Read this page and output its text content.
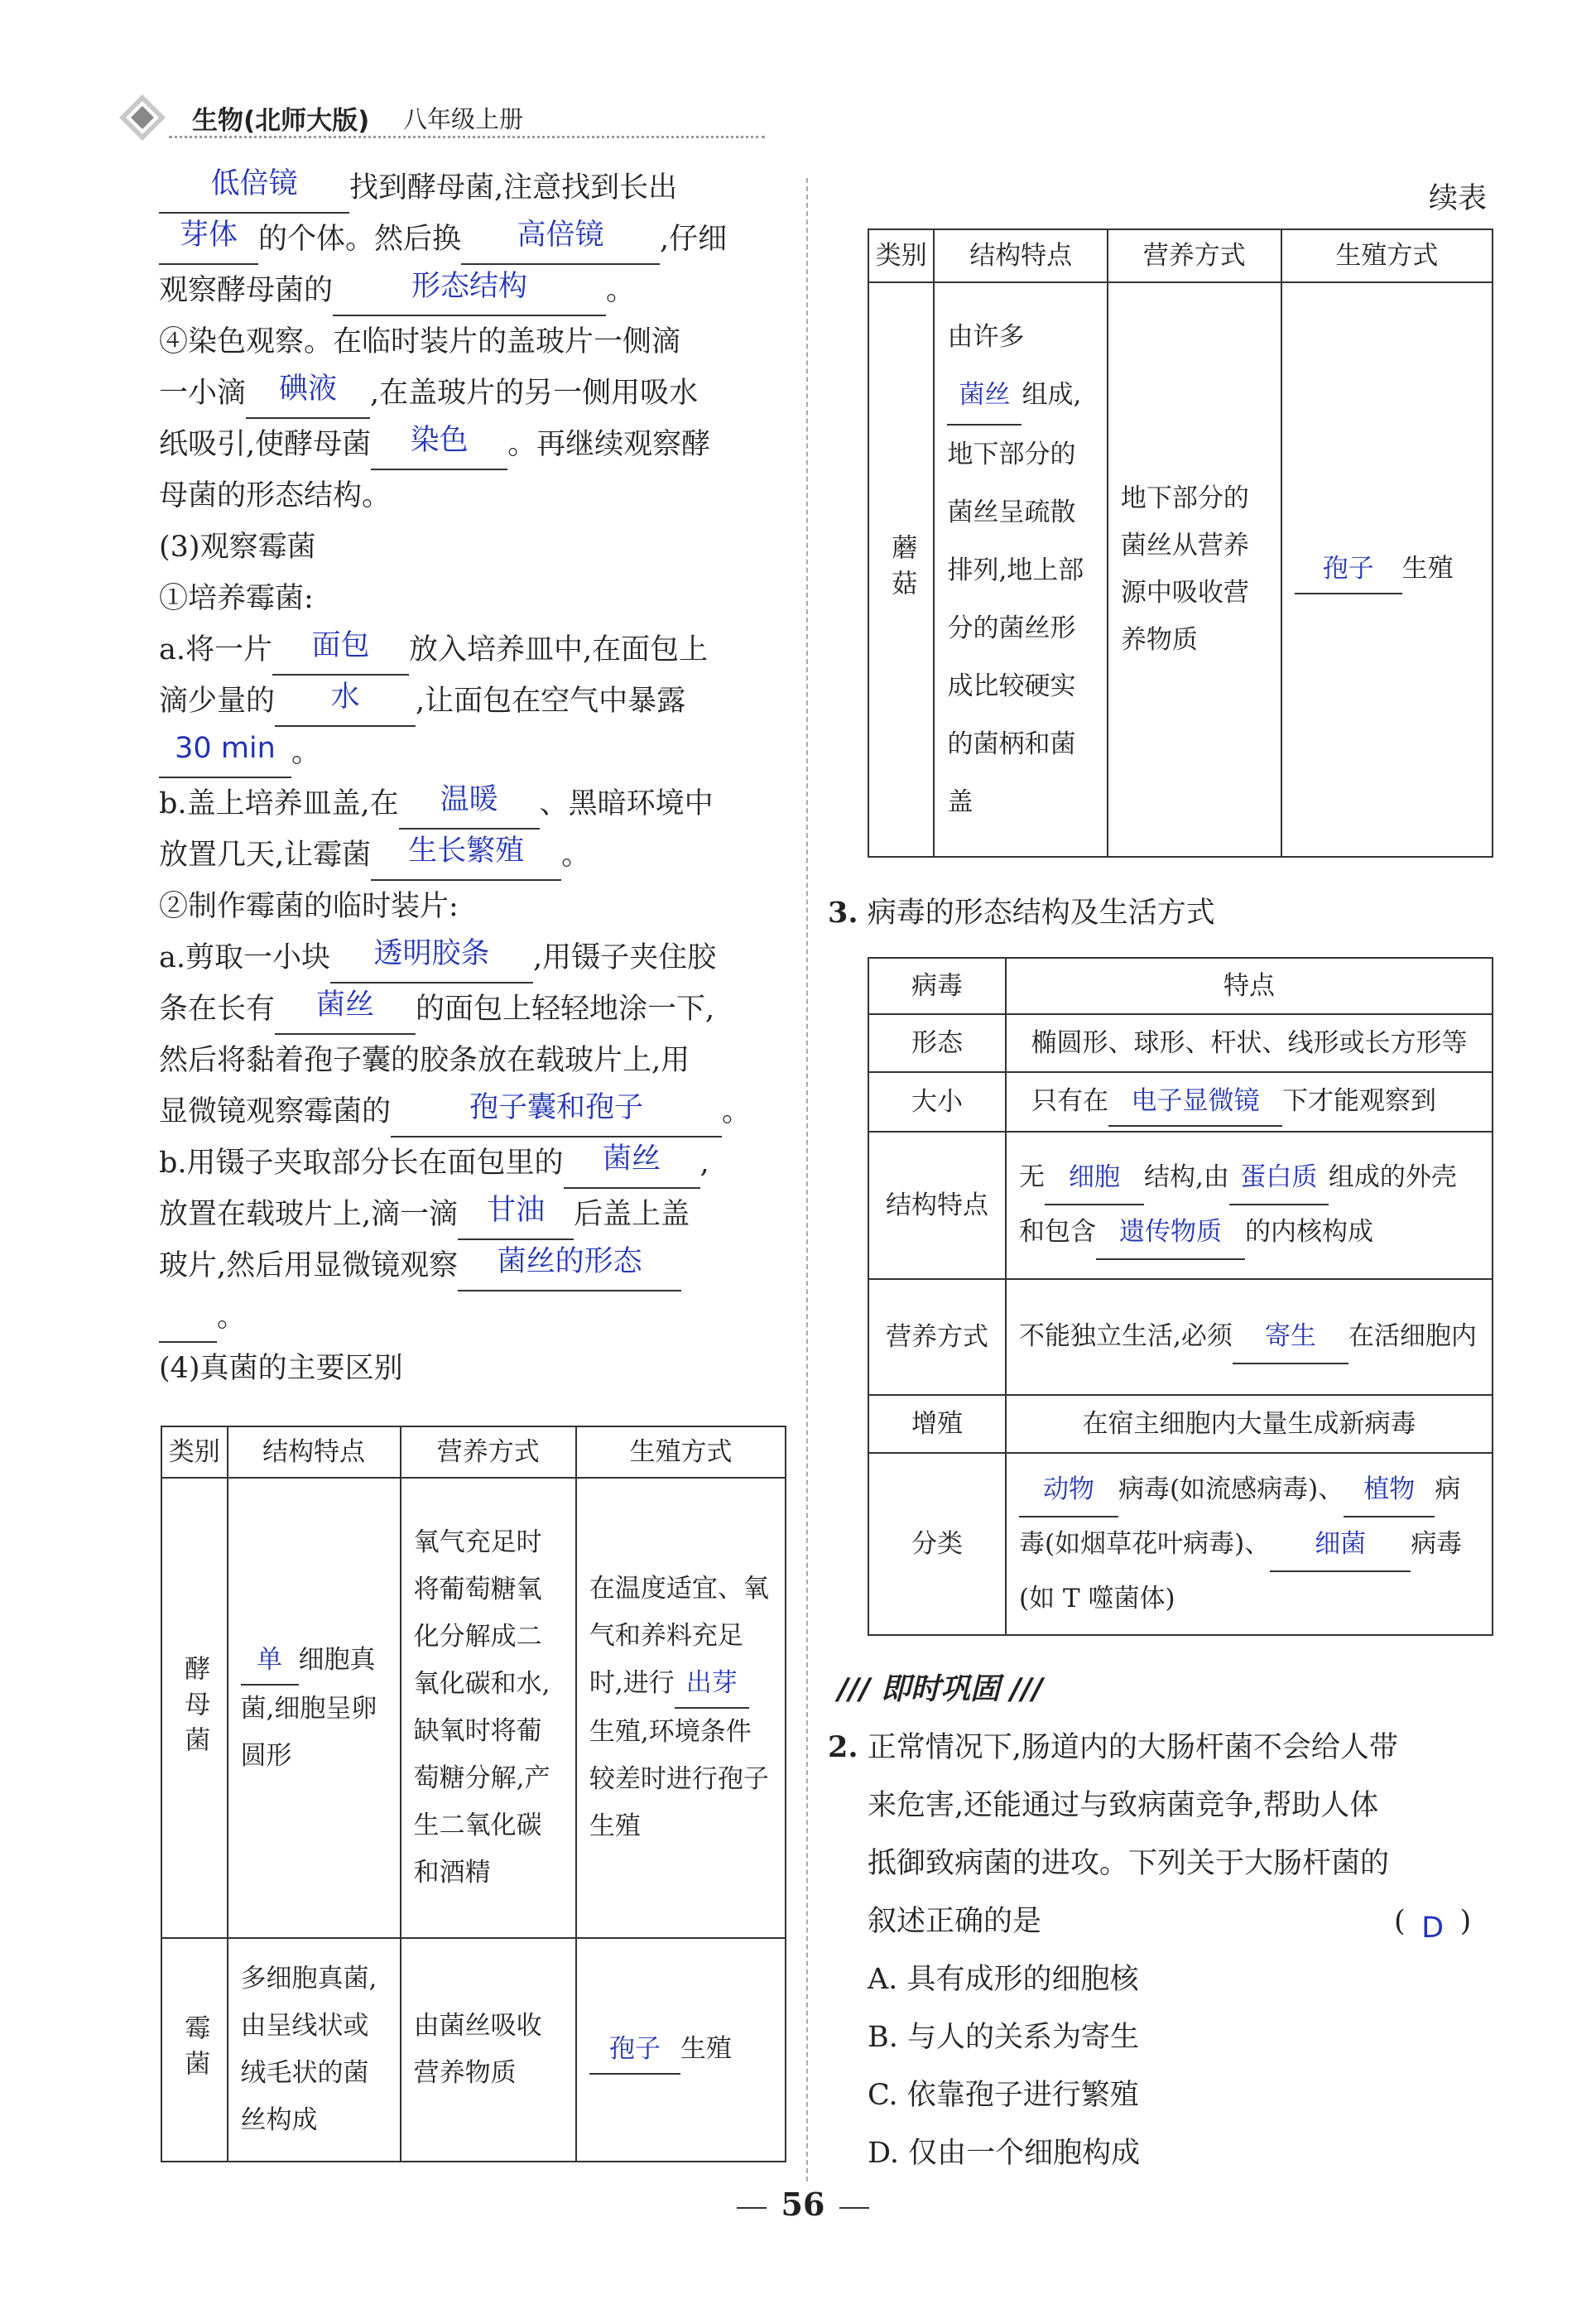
生物(北师大版) 八年级上册
低倍镜 找到酵母菌,注意找到长出
芽体 的个体。然后换 高倍镜 ,仔细
观察酵母菌的	形态结构	。
④染色观察。在临时装片的盖玻片一侧滴
一小滴 碘液 ,在盖玻片的另一侧用吸水
纸吸引,使酵母菌 染色 。再继续观察酵
母菌的形态结构。
(3)观察霉菌
①培养霉菌:
a.将一片 面包 放入培养皿中,在面包上
滴少量的 水 ,让面包在空气中暴露
30 min 。
b.盖上培养皿盖,在 温暖 、黑暗环境中
放置几天,让霉菌 生长繁殖 。
②制作霉菌的临时装片:
a.剪取一小块 透明胶条 ,用镊子夹住胶
条在长有 菌丝 的面包上轻轻地涂一下,
然后将黏着孢子囊的胶条放在载玻片上,用
显微镜观察霉菌的	孢子囊和孢子	。
b.用镊子夹取部分长在面包里的 菌丝 ,
放置在载玻片上,滴一滴 甘油 后盖上盖
玻片,然后用显微镜观察 菌丝的形态
。
(4)真菌的主要区别
类别	结构特点	营养方式	生殖方式

酵母菌	单 细胞真菌,细胞呈卵圆形	氧气充足时将葡萄糖氧化分解成二氧化碳和水,缺氧时将葡萄糖分解,产生二氧化碳和酒精	在温度适宜、氧气和养料充足时,进行 出芽生殖,环境条件较差时进行孢子生殖

霉菌	多细胞真菌,由呈线状或绒毛状的菌丝构成	由菌丝吸收营养物质	孢子 生殖
续表
类别	结构特点	营养方式	生殖方式

蘑菇	由许多菌丝 组成,地下部分的菌丝呈疏散排列,地上部分的菌丝形成比较硬实的菌柄和菌盖	地下部分的菌丝从营养源中吸收营养物质	孢子 生殖
3. 病毒的形态结构及生活方式
病毒	特点
形态	椭圆形、球形、杆状、线形或长方形等
大小	只有在 电子显微镜 下才能观察到
结构特点	无 细胞 结构,由 蛋白质 组成的外壳和包含 遗传物质 的内核构成

营养方式	不能独立生活,必须 寄生 在活细胞内

增殖	在宿主细胞内大量生成新病毒
分类	动物 病毒(如流感病毒)、 植物 病毒(如烟草花叶病毒)、 细菌 病毒(如 T 噬菌体)
/// 即时巩固 ///
2. 正常情况下,肠道内的大肠杆菌不会给人带
来危害,还能通过与致病菌竞争,帮助人体
抵御致病菌的进攻。下列关于大肠杆菌的
叙述正确的是	( D )
A. 具有成形的细胞核
B. 与人的关系为寄生
C. 依靠孢子进行繁殖
D. 仅由一个细胞构成
56
